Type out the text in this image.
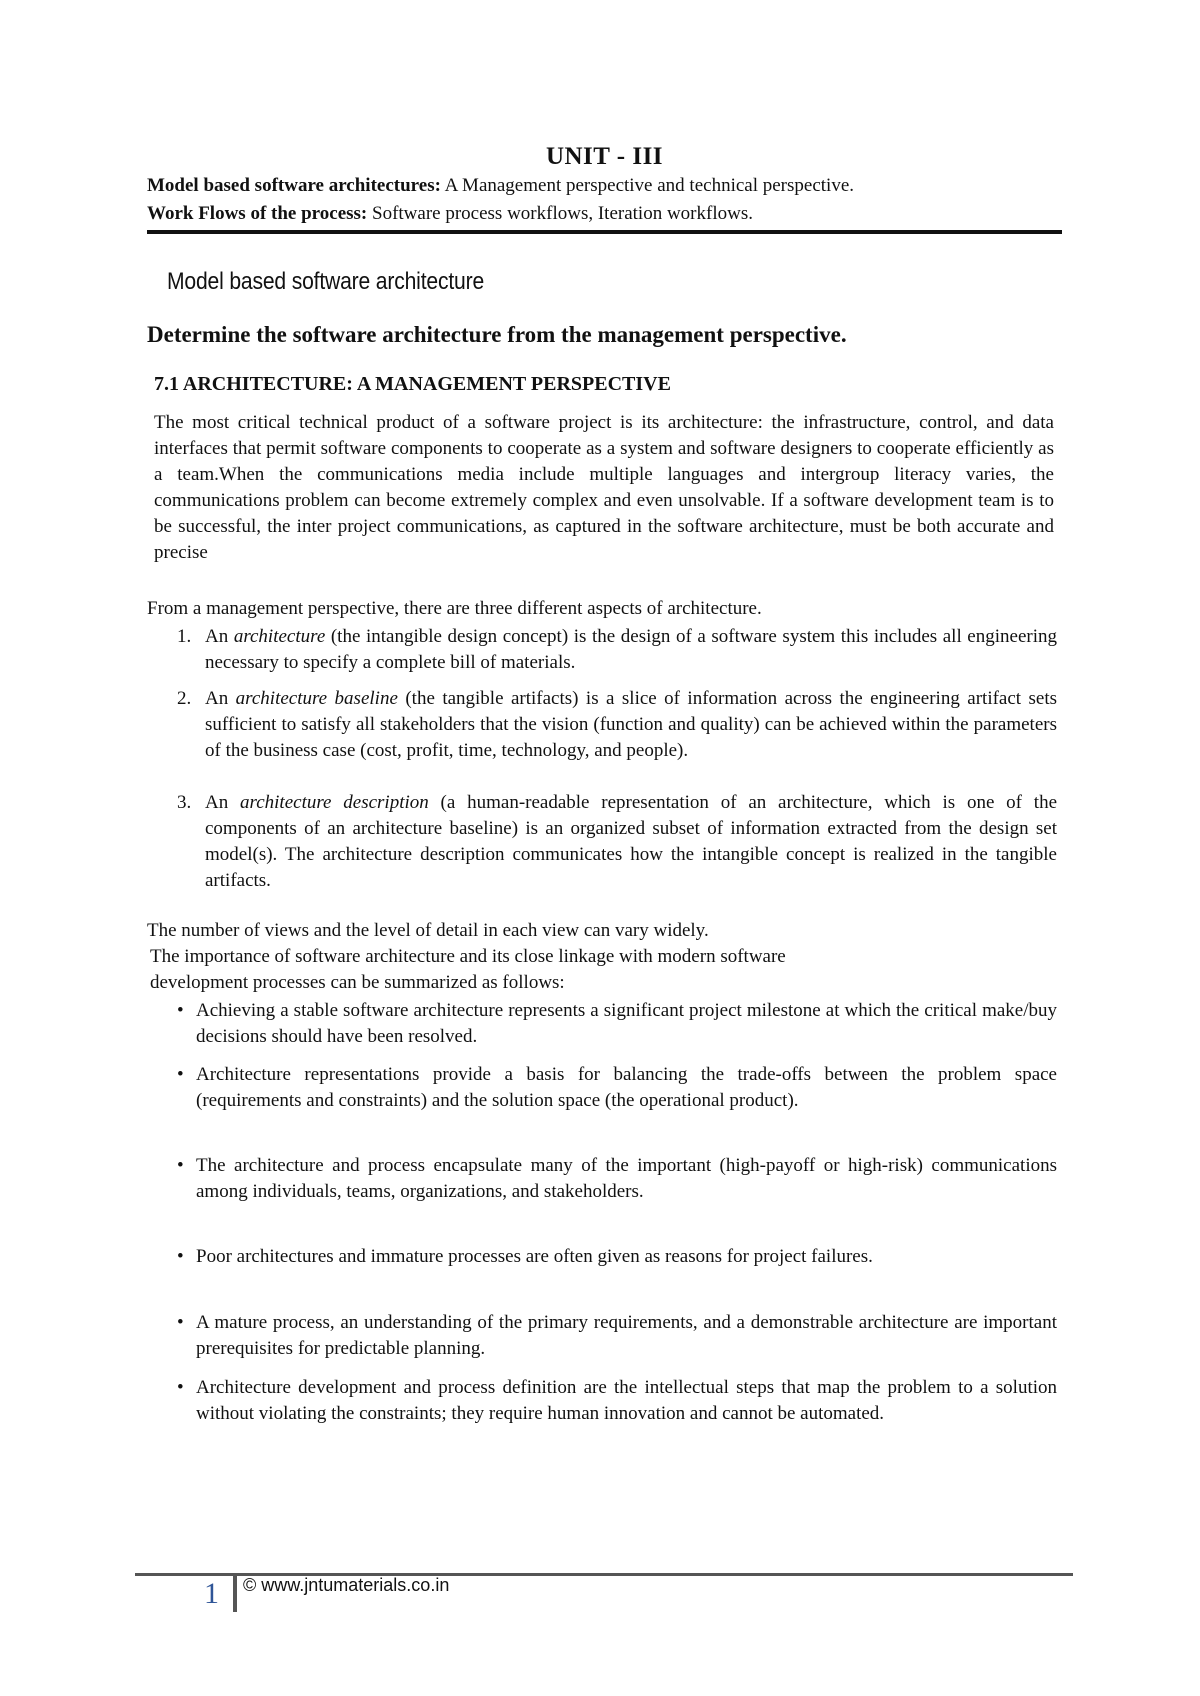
UNIT - III
Model based software architectures: A Management perspective and technical perspective.
Work Flows of the process: Software process workflows, Iteration workflows.
Model based software architecture
Determine the software architecture from the management perspective.
7.1 ARCHITECTURE: A MANAGEMENT PERSPECTIVE
The most critical technical product of a software project is its architecture: the infrastructure, control, and data interfaces that permit software components to cooperate as a system and software designers to cooperate efficiently as a team.When the communications media include multiple languages and intergroup literacy varies, the communications problem can become extremely complex and even unsolvable. If a software development team is to be successful, the inter project communications, as captured in the software architecture, must be both accurate and precise
From a management perspective, there are three different aspects of architecture.
1. An architecture (the intangible design concept) is the design of a software system this includes all engineering necessary to specify a complete bill of materials.
2. An architecture baseline (the tangible artifacts) is a slice of information across the engineering artifact sets sufficient to satisfy all stakeholders that the vision (function and quality) can be achieved within the parameters of the business case (cost, profit, time, technology, and people).
3. An architecture description (a human-readable representation of an architecture, which is one of the components of an architecture baseline) is an organized subset of information extracted from the design set model(s). The architecture description communicates how the intangible concept is realized in the tangible artifacts.
The number of views and the level of detail in each view can vary widely.
The importance of software architecture and its close linkage with modern software
development processes can be summarized as follows:
• Achieving a stable software architecture represents a significant project milestone at which the critical make/buy decisions should have been resolved.
• Architecture representations provide a basis for balancing the trade-offs between the problem space (requirements and constraints) and the solution space (the operational product).
• The architecture and process encapsulate many of the important (high-payoff or high-risk) communications among individuals, teams, organizations, and stakeholders.
• Poor architectures and immature processes are often given as reasons for project failures.
• A mature process, an understanding of the primary requirements, and a demonstrable architecture are important prerequisites for predictable planning.
• Architecture development and process definition are the intellectual steps that map the problem to a solution without violating the constraints; they require human innovation and cannot be automated.
1 © www.jntumaterials.co.in
